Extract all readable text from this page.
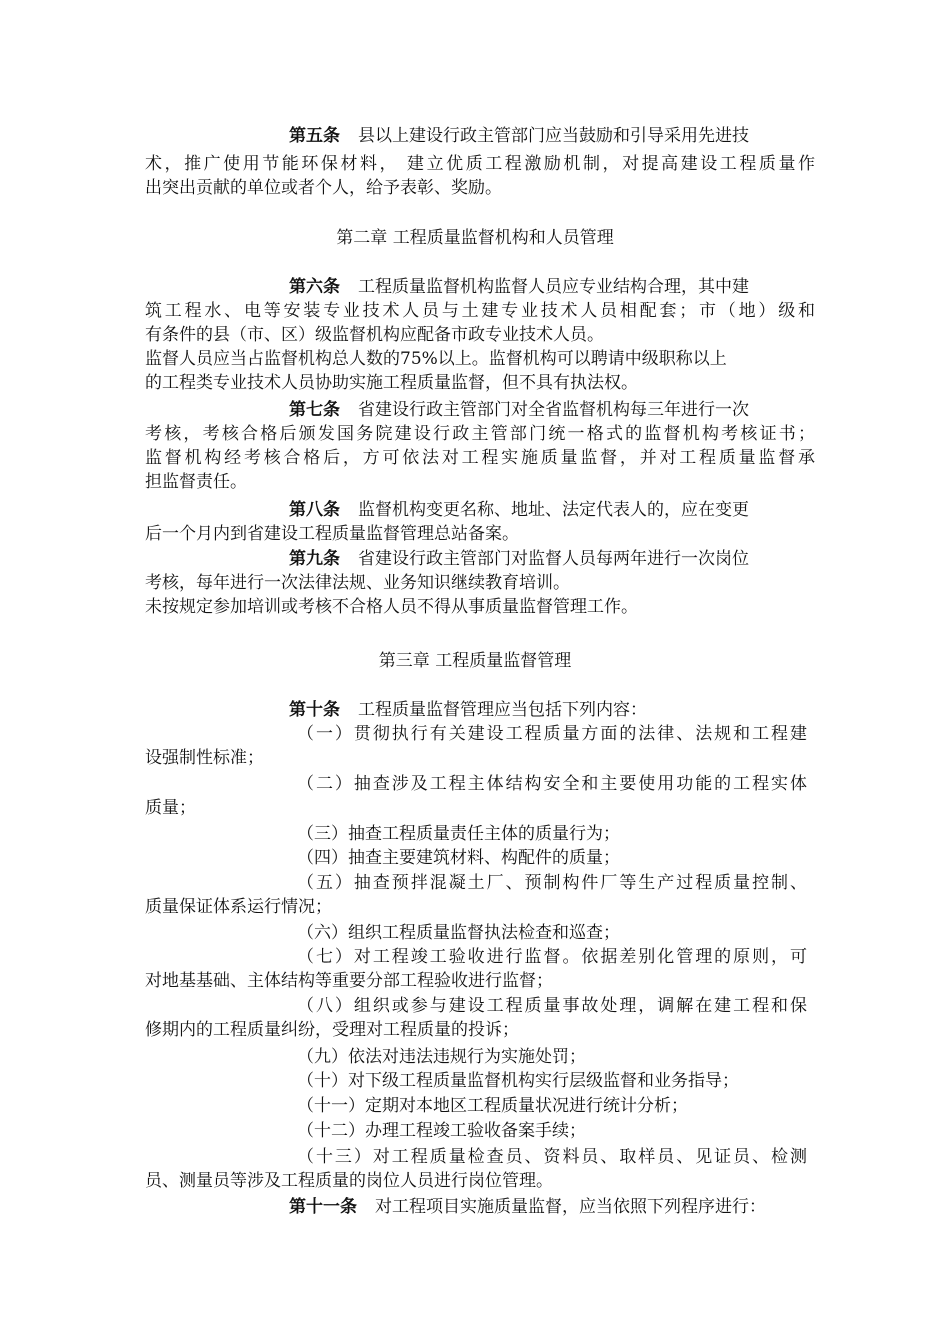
第五条 县以上建设行政主管部门应当鼓励和引导采用先进技
术，推广使用节能环保材料， 建立优质工程激励机制，对提高建设工程质量作
出突出贡献的单位或者个人，给予表彰、奖励。
第二章 工程质量监督机构和人员管理
第六条 工程质量监督机构监督人员应专业结构合理，其中建
筑工程水、电等安装专业技术人员与土建专业技术人员相配套；市（地）级和
有条件的县（市、区）级监督机构应配备市政专业技术人员。
监督人员应当占监督机构总人数的75%以上。监督机构可以聘请中级职称以上
的工程类专业技术人员协助实施工程质量监督，但不具有执法权。
第七条 省建设行政主管部门对全省监督机构每三年进行一次
考核，考核合格后颁发国务院建设行政主管部门统一格式的监督机构考核证书；
监督机构经考核合格后，方可依法对工程实施质量监督，并对工程质量监督承
担监督责任。
第八条 监督机构变更名称、地址、法定代表人的，应在变更
后一个月内到省建设工程质量监督管理总站备案。
第九条 省建设行政主管部门对监督人员每两年进行一次岗位
考核，每年进行一次法律法规、业务知识继续教育培训。
未按规定参加培训或考核不合格人员不得从事质量监督管理工作。
第三章 工程质量监督管理
第十条 工程质量监督管理应当包括下列内容：
（一）贯彻执行有关建设工程质量方面的法律、法规和工程建
设强制性标准；
（二）抽查涉及工程主体结构安全和主要使用功能的工程实体
质量；
（三）抽查工程质量责任主体的质量行为；
（四）抽查主要建筑材料、构配件的质量；
（五）抽查预拌混凝土厂、预制构件厂等生产过程质量控制、
质量保证体系运行情况；
（六）组织工程质量监督执法检查和巡查；
（七）对工程竣工验收进行监督。依据差别化管理的原则，可
对地基基础、主体结构等重要分部工程验收进行监督；
（八）组织或参与建设工程质量事故处理，调解在建工程和保
修期内的工程质量纠纷，受理对工程质量的投诉；
（九）依法对违法违规行为实施处罚；
（十）对下级工程质量监督机构实行层级监督和业务指导；
（十一）定期对本地区工程质量状况进行统计分析；
（十二）办理工程竣工验收备案手续；
（十三）对工程质量检查员、资料员、取样员、见证员、检测
员、测量员等涉及工程质量的岗位人员进行岗位管理。
第十一条 对工程项目实施质量监督，应当依照下列程序进行：
